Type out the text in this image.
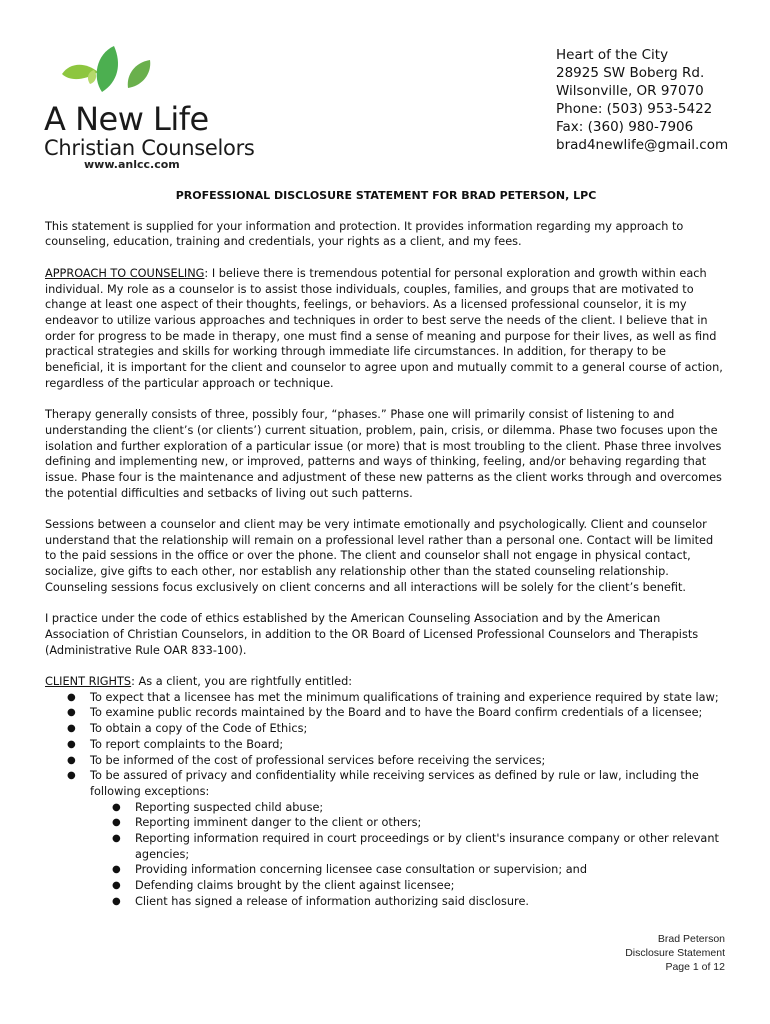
A New Life
Christian Counselors
www.anlcc.com
Heart of the City
28925 SW Boberg Rd.
Wilsonville, OR 97070
Phone: (503) 953-5422
Fax: (360) 980-7906
brad4newlife@gmail.com
PROFESSIONAL DISCLOSURE STATEMENT FOR BRAD PETERSON, LPC

This statement is supplied for your information and protection. It provides information regarding my approach to counseling, education, training and credentials, your rights as a client, and my fees.

APPROACH TO COUNSELING: I believe there is tremendous potential for personal exploration and growth within each individual. My role as a counselor is to assist those individuals, couples, families, and groups that are motivated to change at least one aspect of their thoughts, feelings, or behaviors. As a licensed professional counselor, it is my endeavor to utilize various approaches and techniques in order to best serve the needs of the client. I believe that in order for progress to be made in therapy, one must find a sense of meaning and purpose for their lives, as well as find practical strategies and skills for working through immediate life circumstances. In addition, for therapy to be beneficial, it is important for the client and counselor to agree upon and mutually commit to a general course of action, regardless of the particular approach or technique.

Therapy generally consists of three, possibly four, “phases.” Phase one will primarily consist of listening to and understanding the client’s (or clients’) current situation, problem, pain, crisis, or dilemma. Phase two focuses upon the isolation and further exploration of a particular issue (or more) that is most troubling to the client. Phase three involves defining and implementing new, or improved, patterns and ways of thinking, feeling, and/or behaving regarding that issue. Phase four is the maintenance and adjustment of these new patterns as the client works through and overcomes the potential difficulties and setbacks of living out such patterns.

Sessions between a counselor and client may be very intimate emotionally and psychologically. Client and counselor understand that the relationship will remain on a professional level rather than a personal one. Contact will be limited to the paid sessions in the office or over the phone. The client and counselor shall not engage in physical contact, socialize, give gifts to each other, nor establish any relationship other than the stated counseling relationship. Counseling sessions focus exclusively on client concerns and all interactions will be solely for the client’s benefit.

I practice under the code of ethics established by the American Counseling Association and by the American Association of Christian Counselors, in addition to the OR Board of Licensed Professional Counselors and Therapists (Administrative Rule OAR 833-100).

CLIENT RIGHTS: As a client, you are rightfully entitled:
● To expect that a licensee has met the minimum qualifications of training and experience required by state law;
● To examine public records maintained by the Board and to have the Board confirm credentials of a licensee;
● To obtain a copy of the Code of Ethics;
● To report complaints to the Board;
● To be informed of the cost of professional services before receiving the services;
● To be assured of privacy and confidentiality while receiving services as defined by rule or law, including the following exceptions:
● Reporting suspected child abuse;
● Reporting imminent danger to the client or others;
● Reporting information required in court proceedings or by client's insurance company or other relevant agencies;
● Providing information concerning licensee case consultation or supervision; and
● Defending claims brought by the client against licensee;
● Client has signed a release of information authorizing said disclosure.
Brad Peterson
Disclosure Statement
Page 1 of 12
